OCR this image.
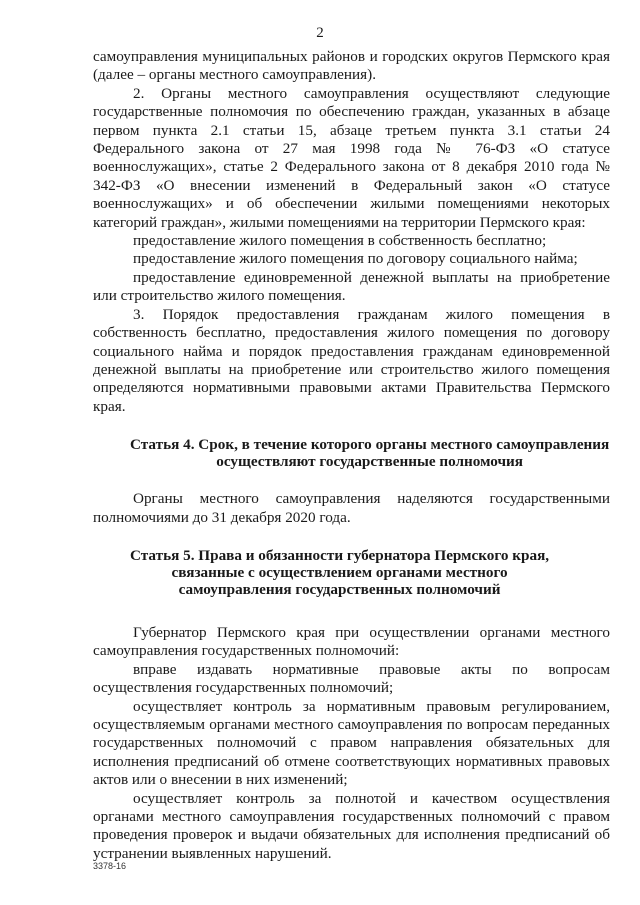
2

самоуправления муниципальных районов и городских округов Пермского края (далее – органы местного самоуправления).

2. Органы местного самоуправления осуществляют следующие государственные полномочия по обеспечению граждан, указанных в абзаце первом пункта 2.1 статьи 15, абзаце третьем пункта 3.1 статьи 24 Федерального закона от 27 мая 1998 года № 76-ФЗ «О статусе военнослужащих», статье 2 Федерального закона от 8 декабря 2010 года № 342-ФЗ «О внесении изменений в Федеральный закон «О статусе военнослужащих» и об обеспечении жилыми помещениями некоторых категорий граждан», жилыми помещениями на территории Пермского края:

предоставление жилого помещения в собственность бесплатно;

предоставление жилого помещения по договору социального найма;

предоставление единовременной денежной выплаты на приобретение или строительство жилого помещения.

3. Порядок предоставления гражданам жилого помещения в собственность бесплатно, предоставления жилого помещения по договору социального найма и порядок предоставления гражданам единовременной денежной выплаты на приобретение или строительство жилого помещения определяются нормативными правовыми актами Правительства Пермского края.

Статья 4. Срок, в течение которого органы местного самоуправления
осуществляют государственные полномочия

Органы местного самоуправления наделяются государственными полномочиями до 31 декабря 2020 года.

Статья 5. Права и обязанности губернатора Пермского края,
связанные с осуществлением органами местного
самоуправления государственных полномочий

Губернатор Пермского края при осуществлении органами местного самоуправления государственных полномочий:

вправе издавать нормативные правовые акты по вопросам осуществления государственных полномочий;

осуществляет контроль за нормативным правовым регулированием, осуществляемым органами местного самоуправления по вопросам переданных государственных полномочий с правом направления обязательных для исполнения предписаний об отмене соответствующих нормативных правовых актов или о внесении в них изменений;

осуществляет контроль за полнотой и качеством осуществления органами местного самоуправления государственных полномочий с правом проведения проверок и выдачи обязательных для исполнения предписаний об устранении выявленных нарушений.

3378-16
